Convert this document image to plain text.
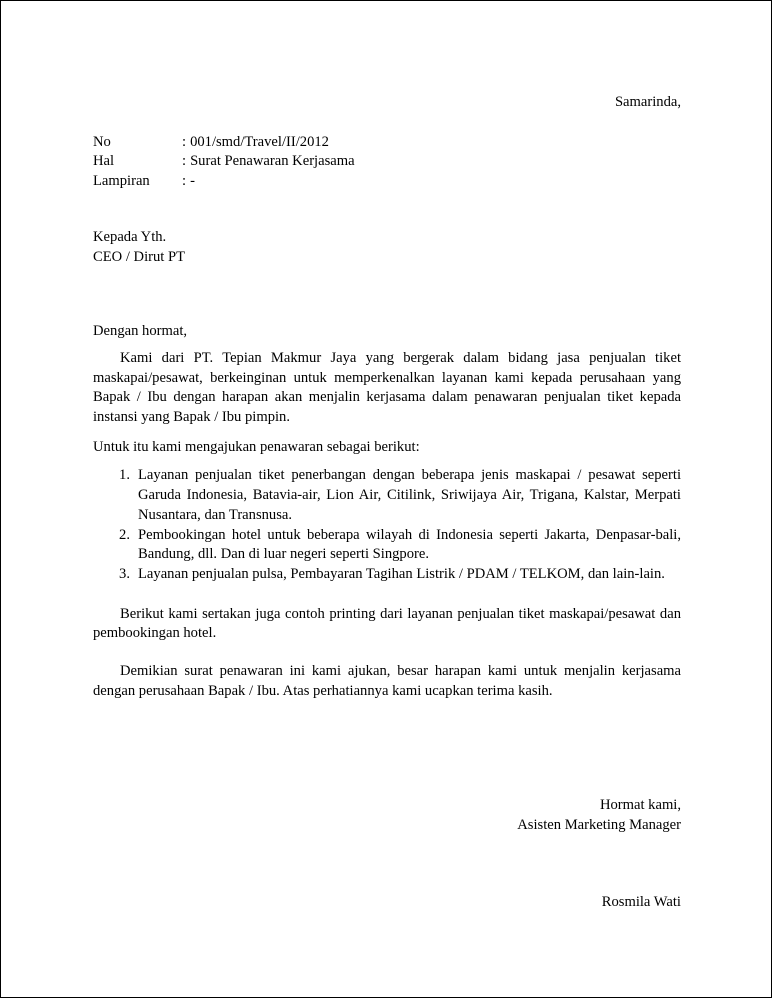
Samarinda,

No	: 001/smd/Travel/II/2012
Hal	: Surat Penawaran Kerjasama
Lampiran	: -

Kepada Yth.

CEO / Dirut PT

Dengan hormat,

Kami dari PT. Tepian Makmur Jaya yang bergerak dalam bidang jasa penjualan tiket maskapai/pesawat, berkeinginan untuk memperkenalkan layanan kami kepada perusahaan yang Bapak / Ibu dengan harapan akan menjalin kerjasama dalam penawaran penjualan tiket kepada instansi yang Bapak / Ibu pimpin.

Untuk itu kami mengajukan penawaran sebagai berikut:

1. Layanan penjualan tiket penerbangan dengan beberapa jenis maskapai / pesawat seperti Garuda Indonesia, Batavia-air, Lion Air, Citilink, Sriwijaya Air, Trigana, Kalstar, Merpati Nusantara, dan Transnusa.
2. Pembookingan hotel untuk beberapa wilayah di Indonesia seperti Jakarta, Denpasar-bali, Bandung, dll. Dan di luar negeri seperti Singpore.
3. Layanan penjualan pulsa, Pembayaran Tagihan Listrik / PDAM / TELKOM, dan lain-lain.

Berikut kami sertakan juga contoh printing dari layanan penjualan tiket maskapai/pesawat dan pembookingan hotel.

Demikian surat penawaran ini kami ajukan, besar harapan kami untuk menjalin kerjasama dengan perusahaan Bapak / Ibu. Atas perhatiannya kami ucapkan terima kasih.

Hormat kami,

Asisten Marketing Manager

Rosmila Wati
